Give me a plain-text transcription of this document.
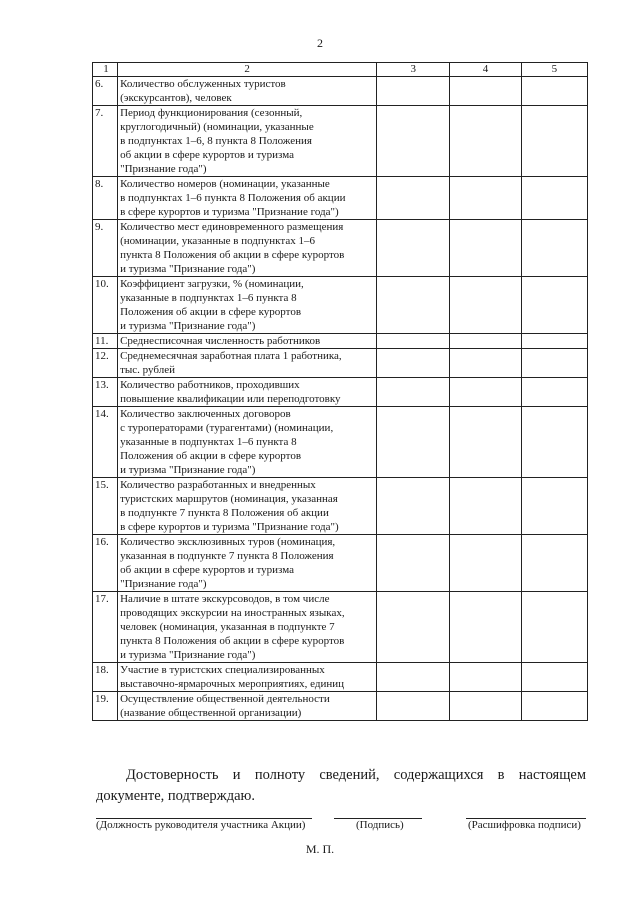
2
1	2	3	4	5
6.	Количество обслуженных туристов
(экскурсантов), человек			
7.	Период функционирования (сезонный,
круглогодичный) (номинации, указанные
в подпунктах 1–6, 8 пункта 8 Положения
об акции в сфере курортов и туризма
"Признание года")			
8.	Количество номеров (номинации, указанные
в подпунктах 1–6 пункта 8 Положения об акции
в сфере курортов и туризма "Признание года")			
9.	Количество мест единовременного размещения
(номинации, указанные в подпунктах 1–6
пункта 8 Положения об акции в сфере курортов
и туризма "Признание года")			
10.	Коэффициент загрузки, % (номинации,
указанные в подпунктах 1–6 пункта 8
Положения об акции в сфере курортов
и туризма "Признание года")			
11.	Среднесписочная численность работников			
12.	Среднемесячная заработная плата 1 работника,
тыс. рублей			
13.	Количество работников, проходивших
повышение квалификации или переподготовку			
14.	Количество заключенных договоров
с туроператорами (турагентами) (номинации,
указанные в подпунктах 1–6 пункта 8
Положения об акции в сфере курортов
и туризма "Признание года")			
15.	Количество разработанных и внедренных
туристских маршрутов (номинация, указанная
в подпункте 7 пункта 8 Положения об акции
в сфере курортов и туризма "Признание года")			
16.	Количество эксклюзивных туров (номинация,
указанная в подпункте 7 пункта 8 Положения
об акции в сфере курортов и туризма
"Признание года")			
17.	Наличие в штате экскурсоводов, в том числе
проводящих экскурсии на иностранных языках,
человек (номинация, указанная в подпункте 7
пункта 8 Положения об акции в сфере курортов
и туризма "Признание года")			
18.	Участие в туристских специализированных
выставочно-ярмарочных мероприятиях, единиц			
19.	Осуществление общественной деятельности
(название общественной организации)			
Достоверность и полноту сведений, содержащихся в настоящем документе, подтверждаю.
(Должность руководителя участника Акции)	(Подпись)	(Расшифровка подписи)
М. П.
